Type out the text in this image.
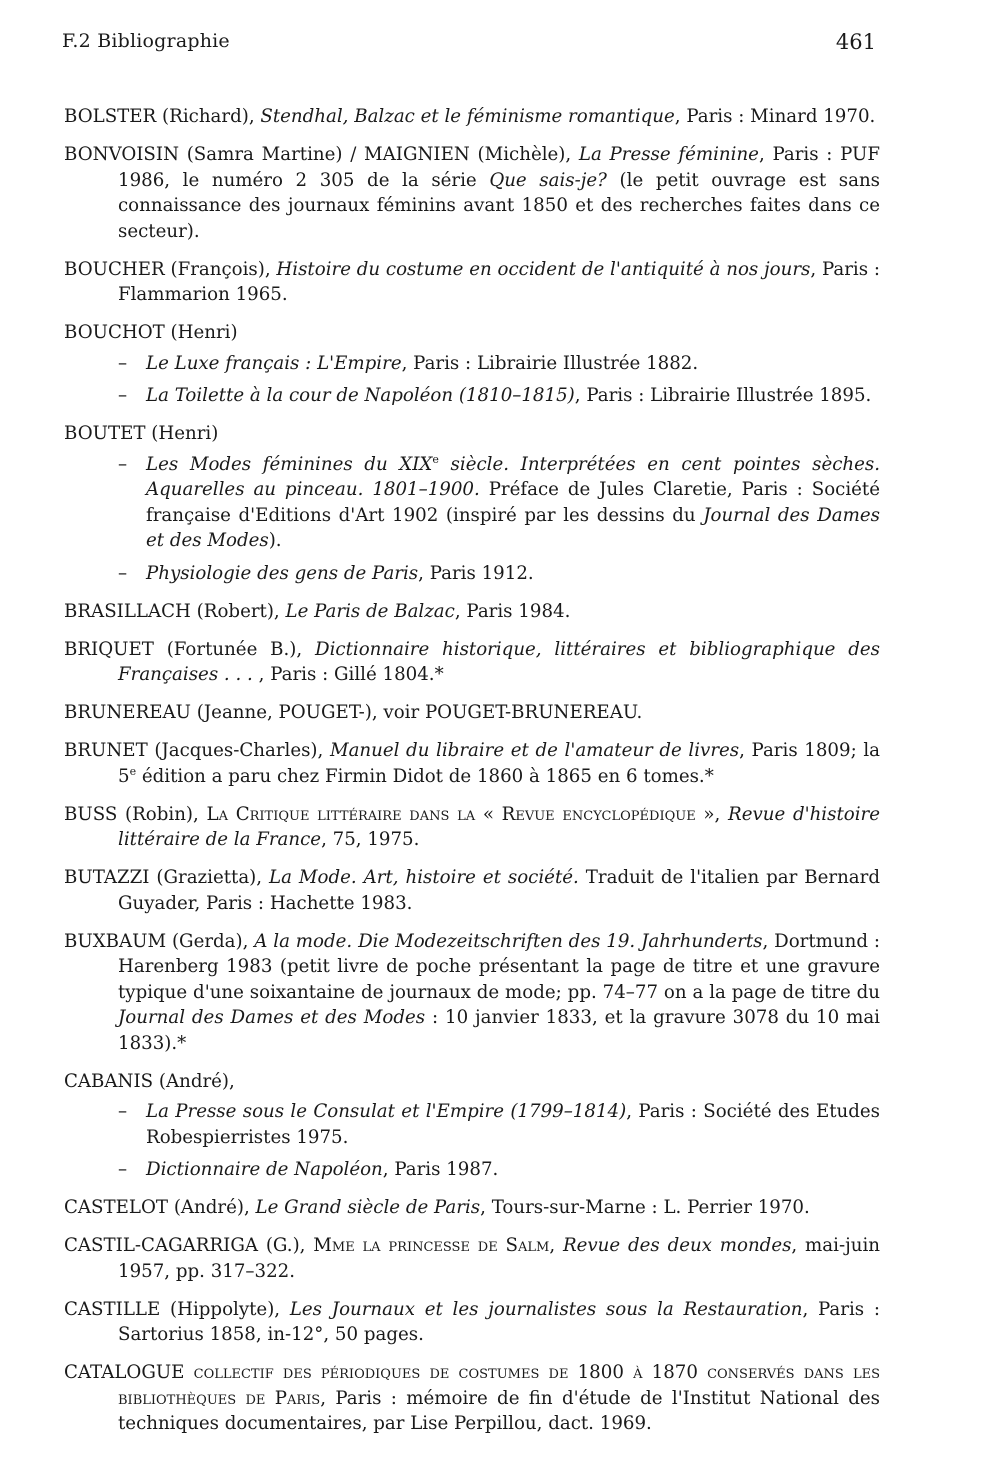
F.2 Bibliographie	461
BOLSTER (Richard), Stendhal, Balzac et le féminisme romantique, Paris : Minard 1970.
BONVOISIN (Samra Martine) / MAIGNIEN (Michèle), La Presse féminine, Paris : PUF 1986, le numéro 2 305 de la série Que sais-je? (le petit ouvrage est sans connaissance des journaux féminins avant 1850 et des recherches faites dans ce secteur).
BOUCHER (François), Histoire du costume en occident de l'antiquité à nos jours, Paris : Flammarion 1965.
BOUCHOT (Henri)
– Le Luxe français : L'Empire, Paris : Librairie Illustrée 1882.
– La Toilette à la cour de Napoléon (1810–1815), Paris : Librairie Illustrée 1895.
BOUTET (Henri)
– Les Modes féminines du XIXe siècle. Interprétées en cent pointes sèches. Aquarelles au pinceau. 1801–1900. Préface de Jules Claretie, Paris : Société française d'Editions d'Art 1902 (inspiré par les dessins du Journal des Dames et des Modes).
– Physiologie des gens de Paris, Paris 1912.
BRASILLACH (Robert), Le Paris de Balzac, Paris 1984.
BRIQUET (Fortunée B.), Dictionnaire historique, littéraires et bibliographique des Françaises . . . , Paris : Gillé 1804.*
BRUNEREAU (Jeanne, POUGET-), voir POUGET-BRUNEREAU.
BRUNET (Jacques-Charles), Manuel du libraire et de l'amateur de livres, Paris 1809; la 5e édition a paru chez Firmin Didot de 1860 à 1865 en 6 tomes.*
BUSS (Robin), La Critique littéraire dans la « Revue encyclopédique », Revue d'histoire littéraire de la France, 75, 1975.
BUTAZZI (Grazietta), La Mode. Art, histoire et société. Traduit de l'italien par Bernard Guyader, Paris : Hachette 1983.
BUXBAUM (Gerda), A la mode. Die Modezeitschriften des 19. Jahrhunderts, Dortmund : Harenberg 1983 (petit livre de poche présentant la page de titre et une gravure typique d'une soixantaine de journaux de mode; pp. 74–77 on a la page de titre du Journal des Dames et des Modes : 10 janvier 1833, et la gravure 3078 du 10 mai 1833).*
CABANIS (André),
– La Presse sous le Consulat et l'Empire (1799–1814), Paris : Société des Etudes Robespierristes 1975.
– Dictionnaire de Napoléon, Paris 1987.
CASTELOT (André), Le Grand siècle de Paris, Tours-sur-Marne : L. Perrier 1970.
CASTIL-CAGARRIGA (G.), Mme la princesse de Salm, Revue des deux mondes, mai-juin 1957, pp. 317–322.
CASTILLE (Hippolyte), Les Journaux et les journalistes sous la Restauration, Paris : Sartorius 1858, in-12°, 50 pages.
CATALOGUE collectif des périodiques de costumes de 1800 à 1870 conservés dans les bibliothèques de Paris, Paris : mémoire de fin d'étude de l'Institut National des techniques documentaires, par Lise Perpillou, dact. 1969.
